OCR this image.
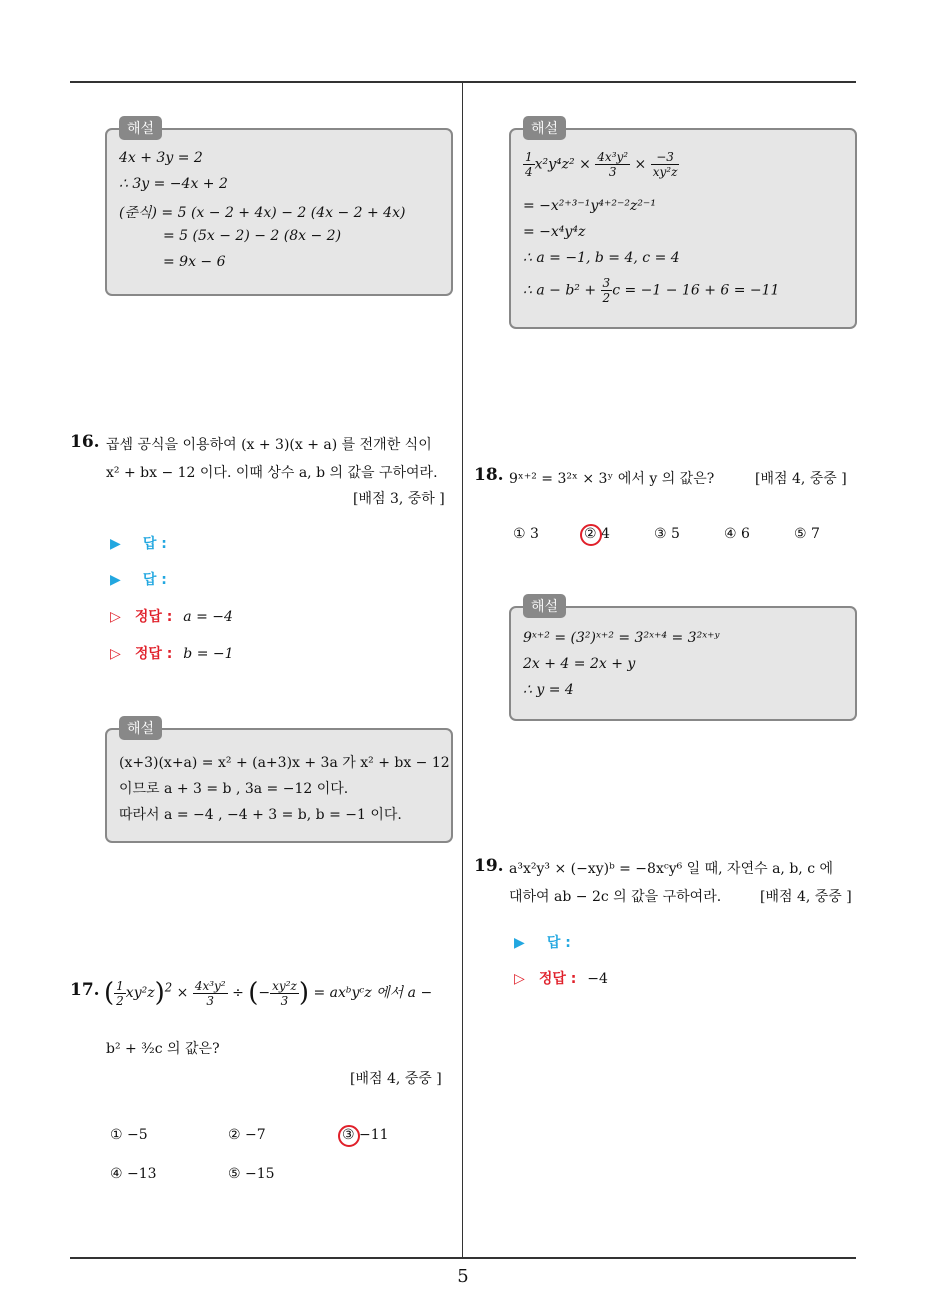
해설
4x + 3y = 2
∴ 3y = −4x + 2
(준식) = 5 (x − 2 + 4x) − 2 (4x − 2 + 4x)
= 5 (5x − 2) − 2 (8x − 2)
= 9x − 6
16. 곱셈 공식을 이용하여 (x + 3)(x + a) 를 전개한 식이
x² + bx − 12 이다. 이때 상수 a, b 의 값을 구하여라.
[배점 3, 중하 ]
▶ 답 :
▶ 답 :
▷ 정답 : a = −4
▷ 정답 : b = −1
해설
(x+3)(x+a) = x² + (a+3)x + 3a 가 x² + bx − 12
이므로 a + 3 = b , 3a = −12 이다.
따라서 a = −4 , −4 + 3 = b, b = −1 이다.
17. ( $\frac{1}{2} xy^2z)^2 \times \frac{\text{4x³y²}}{3}$ ÷ (− $\frac{\text{xy²z}}{3}$ ) = axᵇyᶜz 에서 a −
b² + ³⁄₂c 의 값은?
[배점 4, 중중 ]
① −5	② −7	③ −11
④ −13	⑤ −15
해설
$\frac{1}{4} x^2y^4z^2 \times \frac{\text{4x³y²}}{3} \times \frac{-3}{\text{xy²z}}$
= −x²⁺³⁻¹y⁴⁺²⁻²z²⁻¹
= −x⁴y⁴z
∴ a = −1, b = 4, c = 4
∴ $a - b^2 + \frac{3}{2}$ c = −1 − 16 + 6 = −11
18. 9ˣ⁺² = 3²ˣ × 3ʸ 에서 y 의 값은?	[배점 4, 중중 ]
① 3	② 4	③ 5	④ 6	⑤ 7
해설
9ˣ⁺² = (3²)ˣ⁺² = 3²ˣ⁺⁴ = 3²ˣ⁺ʸ
2x + 4 = 2x + y
∴ y = 4
19. a³x²y³ × (−xy)ᵇ = −8xᶜy⁶ 일 때, 자연수 a, b, c 에
대하여 ab − 2c 의 값을 구하여라.	[배점 4, 중중 ]
▶ 답 :
▷ 정답 : −4
5
